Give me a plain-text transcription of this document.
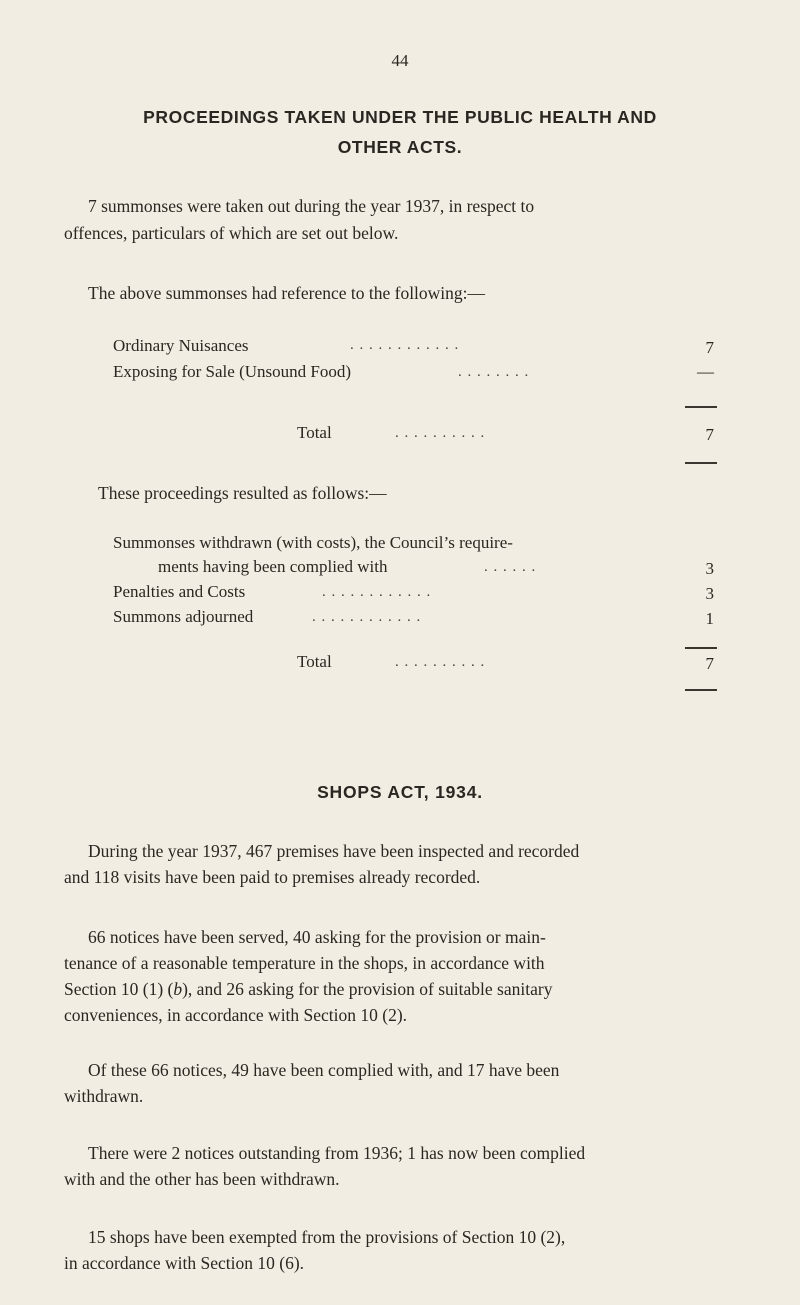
44
PROCEEDINGS TAKEN UNDER THE PUBLIC HEALTH AND
OTHER ACTS.
7 summonses were taken out during the year 1937, in respect to
offences, particulars of which are set out below.
The above summonses had reference to the following:—
Ordinary Nuisances	. . . . . . . . . . . .	7
Exposing for Sale (Unsound Food)	. . . . . . . .	—
Total	. . . . . . . . . .	7
These proceedings resulted as follows:—
Summonses withdrawn (with costs), the Council’s require-
ments having been complied with	. . . . . .	3
Penalties and Costs	. . . . . . . . . . . .	3
Summons adjourned	. . . . . . . . . . . .	1
Total	. . . . . . . . . .	7
SHOPS ACT, 1934.
During the year 1937, 467 premises have been inspected and recorded
and 118 visits have been paid to premises already recorded.
66 notices have been served, 40 asking for the provision or main-
tenance of a reasonable temperature in the shops, in accordance with
Section 10 (1) (b), and 26 asking for the provision of suitable sanitary
conveniences, in accordance with Section 10 (2).
Of these 66 notices, 49 have been complied with, and 17 have been
withdrawn.
There were 2 notices outstanding from 1936; 1 has now been complied
with and the other has been withdrawn.
15 shops have been exempted from the provisions of Section 10 (2),
in accordance with Section 10 (6).
